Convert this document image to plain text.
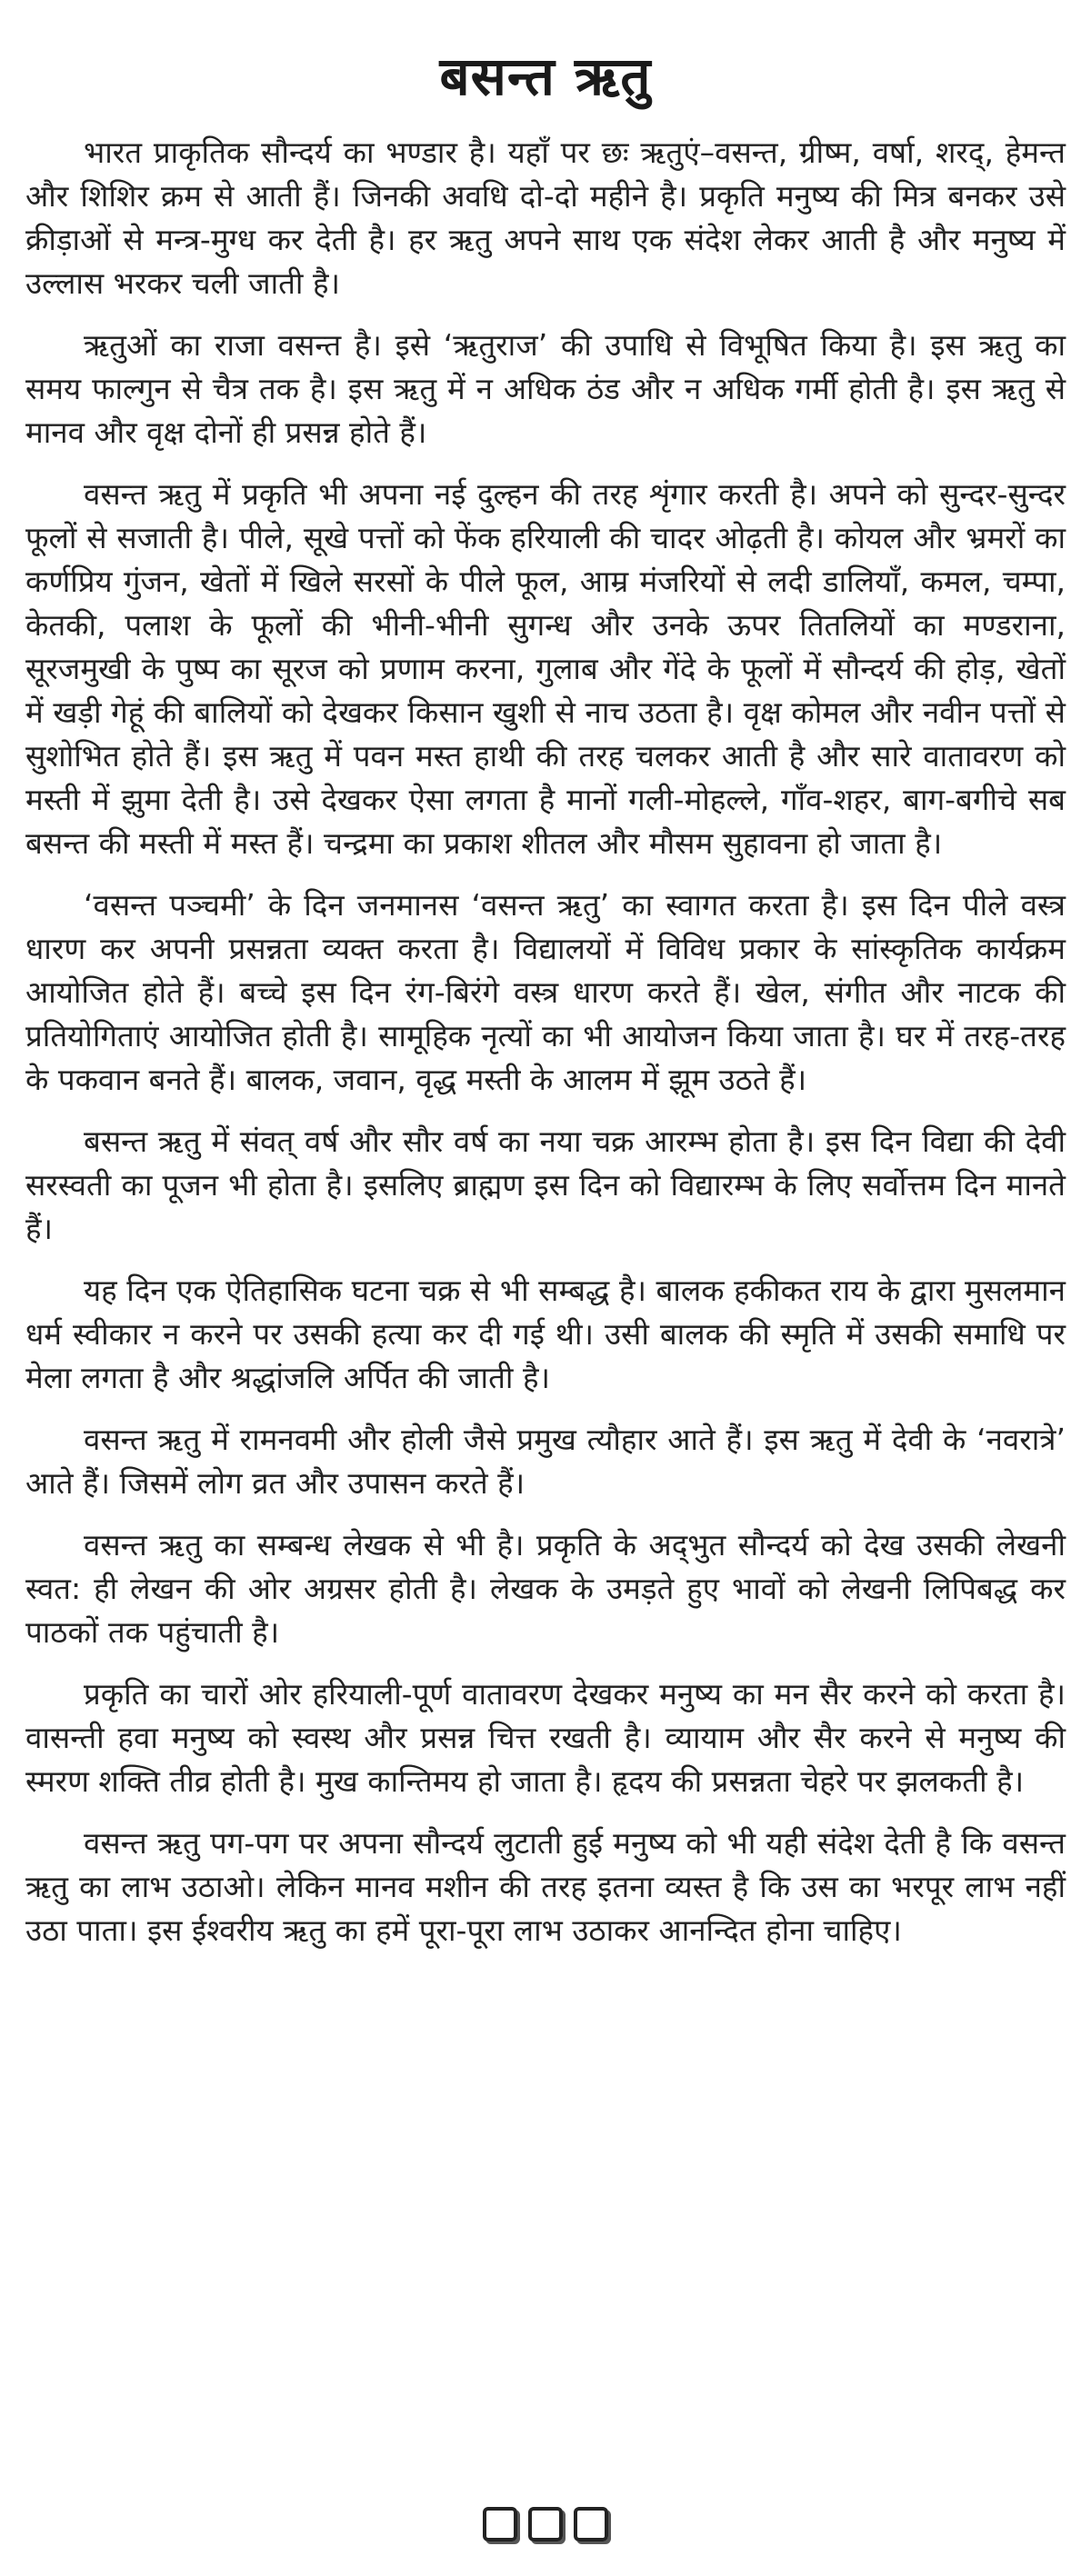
बसन्त ऋतु

भारत प्राकृतिक सौन्दर्य का भण्डार है। यहाँ पर छः ऋतुएं–वसन्त, ग्रीष्म, वर्षा, शरद्, हेमन्त और शिशिर क्रम से आती हैं। जिनकी अवधि दो-दो महीने है। प्रकृति मनुष्य की मित्र बनकर उसे क्रीड़ाओं से मन्त्र-मुग्ध कर देती है। हर ऋतु अपने साथ एक संदेश लेकर आती है और मनुष्य में उल्लास भरकर चली जाती है।

ऋतुओं का राजा वसन्त है। इसे ‘ऋतुराज’ की उपाधि से विभूषित किया है। इस ऋतु का समय फाल्गुन से चैत्र तक है। इस ऋतु में न अधिक ठंड और न अधिक गर्मी होती है। इस ऋतु से मानव और वृक्ष दोनों ही प्रसन्न होते हैं।

वसन्त ऋतु में प्रकृति भी अपना नई दुल्हन की तरह शृंगार करती है। अपने को सुन्दर-सुन्दर फूलों से सजाती है। पीले, सूखे पत्तों को फेंक हरियाली की चादर ओढ़ती है। कोयल और भ्रमरों का कर्णप्रिय गुंजन, खेतों में खिले सरसों के पीले फूल, आम्र मंजरियों से लदी डालियाँ, कमल, चम्पा, केतकी, पलाश के फूलों की भीनी-भीनी सुगन्ध और उनके ऊपर तितलियों का मण्डराना, सूरजमुखी के पुष्प का सूरज को प्रणाम करना, गुलाब और गेंदे के फूलों में सौन्दर्य की होड़, खेतों में खड़ी गेहूं की बालियों को देखकर किसान खुशी से नाच उठता है। वृक्ष कोमल और नवीन पत्तों से सुशोभित होते हैं। इस ऋतु में पवन मस्त हाथी की तरह चलकर आती है और सारे वातावरण को मस्ती में झुमा देती है। उसे देखकर ऐसा लगता है मानों गली-मोहल्ले, गाँव-शहर, बाग-बगीचे सब बसन्त की मस्ती में मस्त हैं। चन्द्रमा का प्रकाश शीतल और मौसम सुहावना हो जाता है।

‘वसन्त पञ्चमी’ के दिन जनमानस ‘वसन्त ऋतु’ का स्वागत करता है। इस दिन पीले वस्त्र धारण कर अपनी प्रसन्नता व्यक्त करता है। विद्यालयों में विविध प्रकार के सांस्कृतिक कार्यक्रम आयोजित होते हैं। बच्चे इस दिन रंग-बिरंगे वस्त्र धारण करते हैं। खेल, संगीत और नाटक की प्रतियोगिताएं आयोजित होती है। सामूहिक नृत्यों का भी आयोजन किया जाता है। घर में तरह-तरह के पकवान बनते हैं। बालक, जवान, वृद्ध मस्ती के आलम में झूम उठते हैं।

बसन्त ऋतु में संवत् वर्ष और सौर वर्ष का नया चक्र आरम्भ होता है। इस दिन विद्या की देवी सरस्वती का पूजन भी होता है। इसलिए ब्राह्मण इस दिन को विद्यारम्भ के लिए सर्वोत्तम दिन मानते हैं।

यह दिन एक ऐतिहासिक घटना चक्र से भी सम्बद्ध है। बालक हकीकत राय के द्वारा मुसलमान धर्म स्वीकार न करने पर उसकी हत्या कर दी गई थी। उसी बालक की स्मृति में उसकी समाधि पर मेला लगता है और श्रद्धांजलि अर्पित की जाती है।

वसन्त ऋतु में रामनवमी और होली जैसे प्रमुख त्यौहार आते हैं। इस ऋतु में देवी के ‘नवरात्रे’ आते हैं। जिसमें लोग व्रत और उपासन करते हैं।

वसन्त ऋतु का सम्बन्ध लेखक से भी है। प्रकृति के अद्‌भुत सौन्दर्य को देख उसकी लेखनी स्वत: ही लेखन की ओर अग्रसर होती है। लेखक के उमड़ते हुए भावों को लेखनी लिपिबद्ध कर पाठकों तक पहुंचाती है।

प्रकृति का चारों ओर हरियाली-पूर्ण वातावरण देखकर मनुष्य का मन सैर करने को करता है। वासन्ती हवा मनुष्य को स्वस्थ और प्रसन्न चित्त रखती है। व्यायाम और सैर करने से मनुष्य की स्मरण शक्ति तीव्र होती है। मुख कान्तिमय हो जाता है। हृदय की प्रसन्नता चेहरे पर झलकती है।

वसन्त ऋतु पग-पग पर अपना सौन्दर्य लुटाती हुई मनुष्य को भी यही संदेश देती है कि वसन्त ऋतु का लाभ उठाओ। लेकिन मानव मशीन की तरह इतना व्यस्त है कि उस का भरपूर लाभ नहीं उठा पाता। इस ईश्वरीय ऋतु का हमें पूरा-पूरा लाभ उठाकर आनन्दित होना चाहिए।
